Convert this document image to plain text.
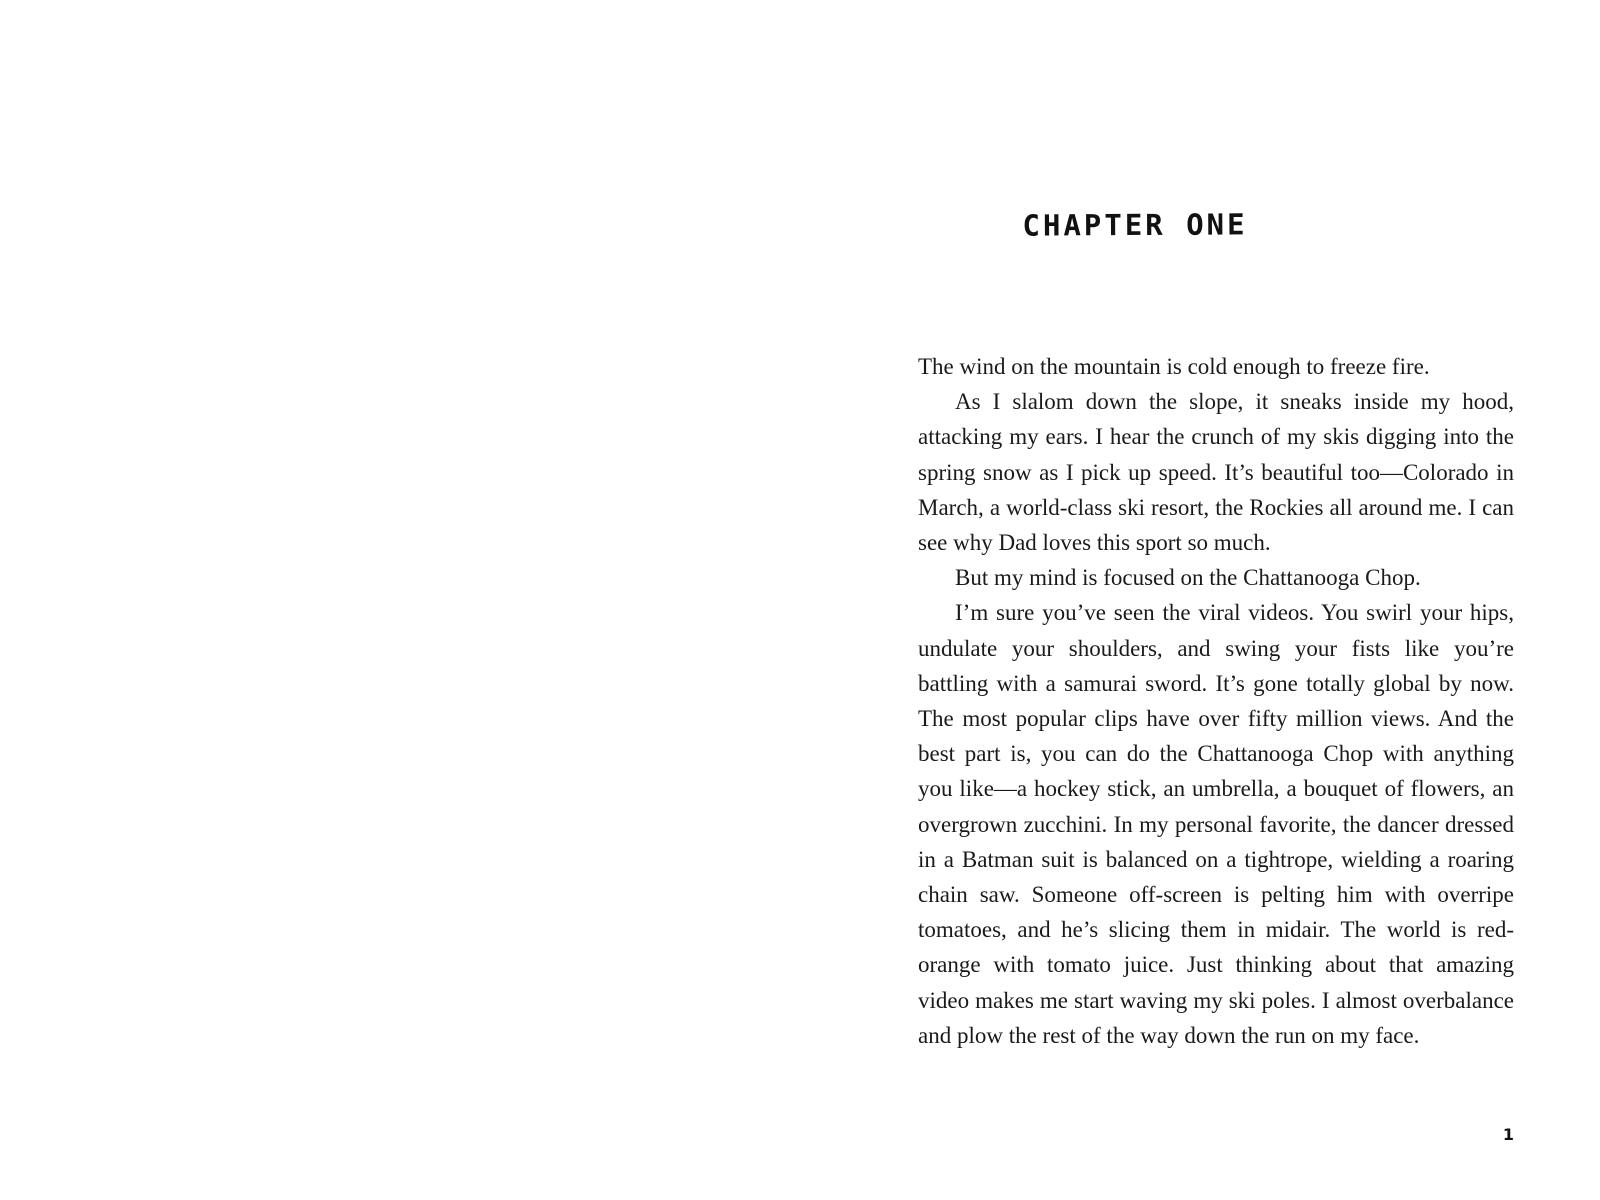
CHAPTER ONE

The wind on the mountain is cold enough to freeze fire.

As I slalom down the slope, it sneaks inside my hood, attacking my ears. I hear the crunch of my skis digging into the spring snow as I pick up speed. It’s beautiful too—Colorado in March, a world-class ski resort, the Rockies all around me. I can see why Dad loves this sport so much.

But my mind is focused on the Chattanooga Chop.

I’m sure you’ve seen the viral videos. You swirl your hips, undulate your shoulders, and swing your fists like you’re battling with a samurai sword. It’s gone totally global by now. The most popular clips have over fifty million views. And the best part is, you can do the Chattanooga Chop with anything you like—a hockey stick, an umbrella, a bouquet of flowers, an overgrown zucchini. In my personal favorite, the dancer dressed in a Batman suit is balanced on a tightrope, wielding a roaring chain saw. Someone off-screen is pelting him with overripe tomatoes, and he’s slicing them in midair. The world is red-orange with tomato juice. Just thinking about that amazing video makes me start waving my ski poles. I almost overbalance and plow the rest of the way down the run on my face.

1
